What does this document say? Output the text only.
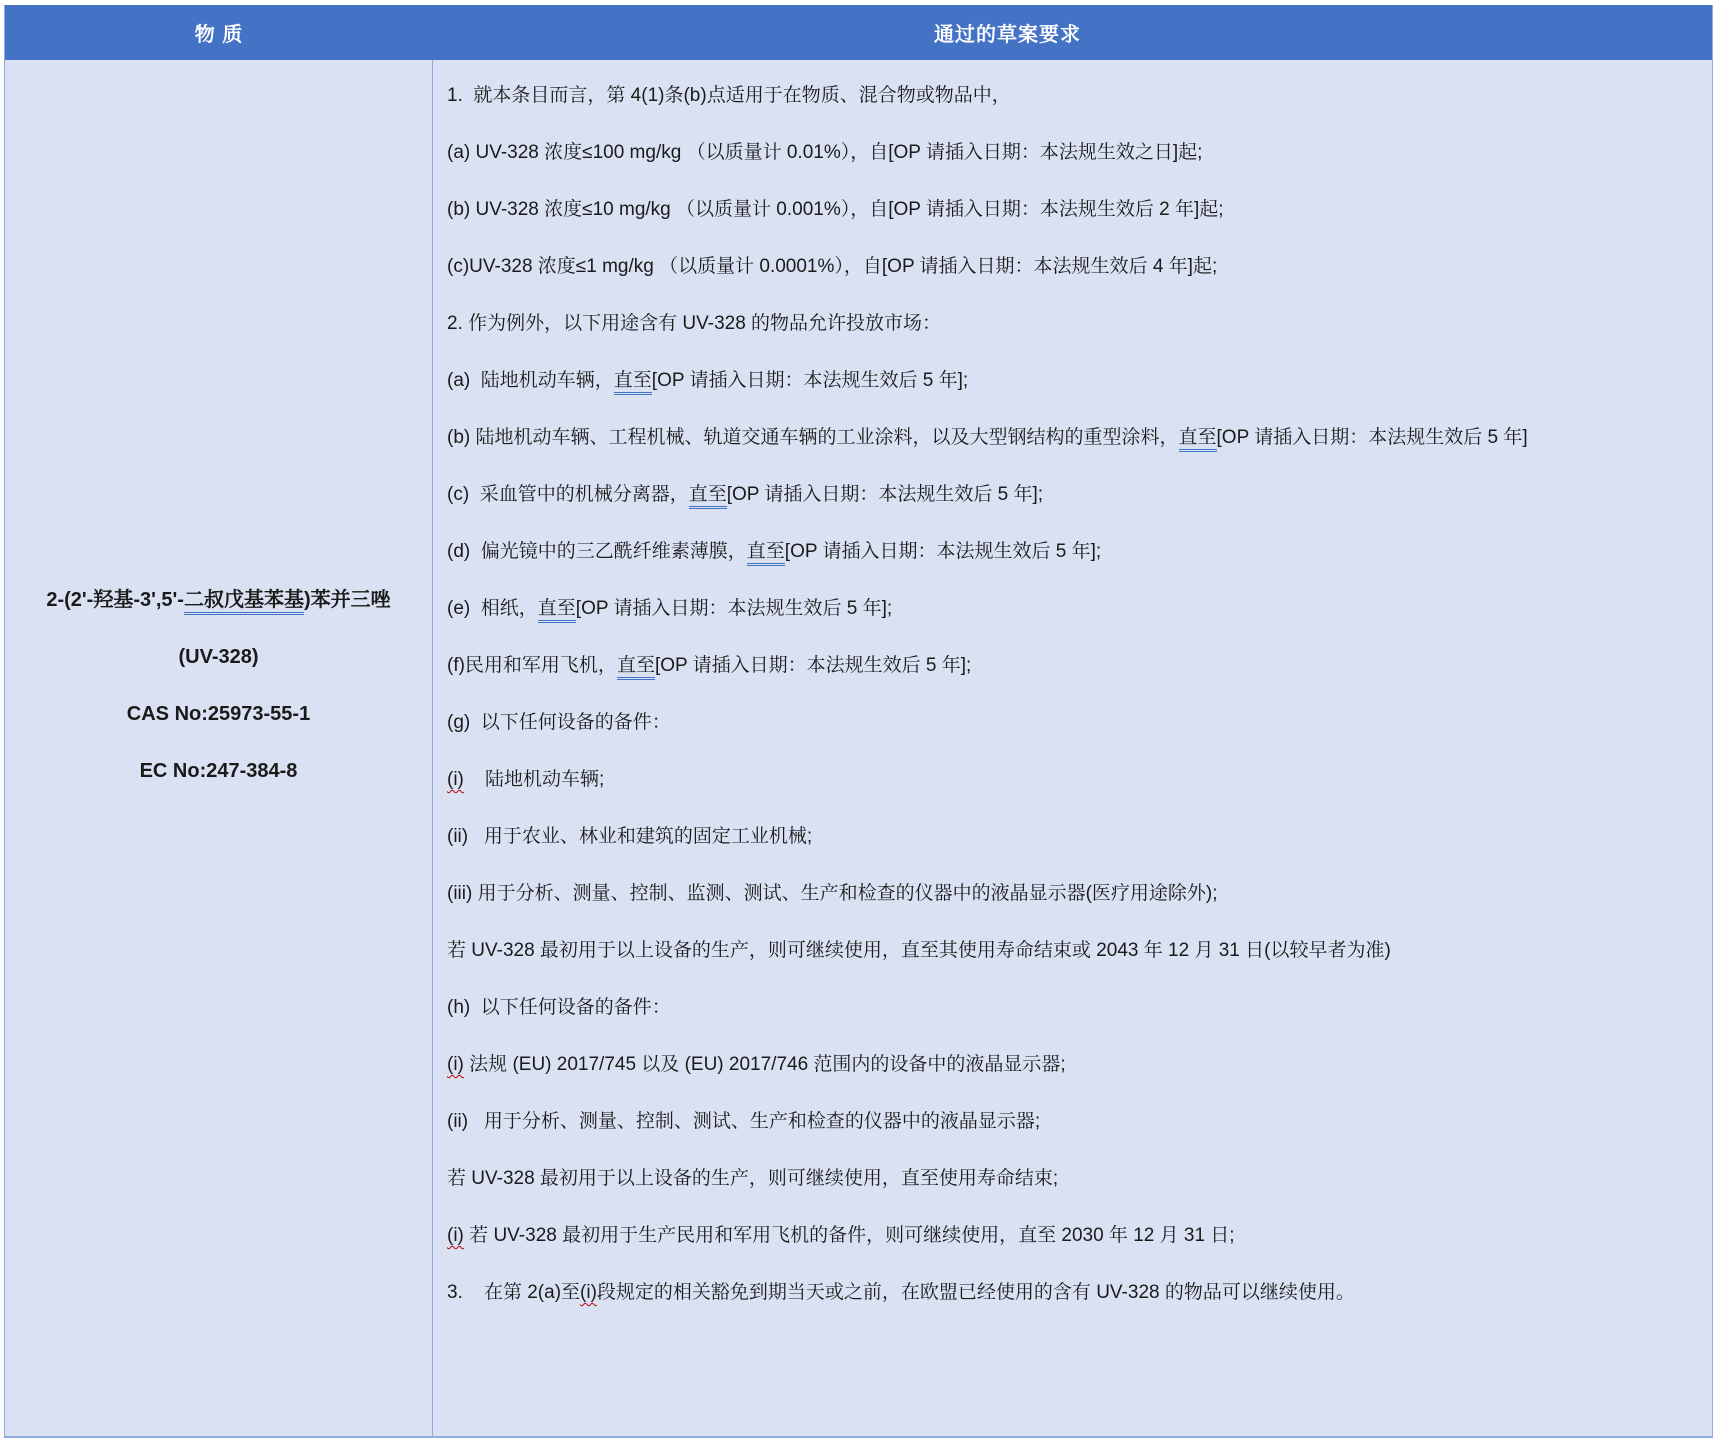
物 质	通过的草案要求

2-(2'-羟基-3',5'-二叔戊基苯基)苯并三唑

(UV-328)

CAS No:25973-55-1

EC No:247-384-8

1.  就本条目而言，第 4(1)条(b)点适用于在物质、混合物或物品中，

(a) UV-328 浓度≤100 mg/kg （以质量计 0.01%），自[OP 请插入日期：本法规生效之日]起;

(b) UV-328 浓度≤10 mg/kg （以质量计 0.001%），自[OP 请插入日期：本法规生效后 2 年]起;

(c)UV-328 浓度≤1 mg/kg （以质量计 0.0001%），自[OP 请插入日期：本法规生效后 4 年]起;

2. 作为例外，以下用途含有 UV-328 的物品允许投放市场：

(a)  陆地机动车辆，直至[OP 请插入日期：本法规生效后 5 年];

(b) 陆地机动车辆、工程机械、轨道交通车辆的工业涂料，以及大型钢结构的重型涂料，直至[OP 请插入日期：本法规生效后 5 年]

(c)  采血管中的机械分离器，直至[OP 请插入日期：本法规生效后 5 年];

(d)  偏光镜中的三乙酰纤维素薄膜，直至[OP 请插入日期：本法规生效后 5 年];

(e)  相纸，直至[OP 请插入日期：本法规生效后 5 年];

(f)民用和军用飞机，直至[OP 请插入日期：本法规生效后 5 年];

(g)  以下任何设备的备件：

(i)    陆地机动车辆;

(ii)   用于农业、林业和建筑的固定工业机械;

(iii) 用于分析、测量、控制、监测、测试、生产和检查的仪器中的液晶显示器(医疗用途除外);

若 UV-328 最初用于以上设备的生产，则可继续使用，直至其使用寿命结束或 2043 年 12 月 31 日(以较早者为准)

(h)  以下任何设备的备件：

(i) 法规 (EU) 2017/745 以及 (EU) 2017/746 范围内的设备中的液晶显示器;

(ii)   用于分析、测量、控制、测试、生产和检查的仪器中的液晶显示器;

若 UV-328 最初用于以上设备的生产，则可继续使用，直至使用寿命结束;

(i) 若 UV-328 最初用于生产民用和军用飞机的备件，则可继续使用，直至 2030 年 12 月 31 日;

3.    在第 2(a)至(i)段规定的相关豁免到期当天或之前，在欧盟已经使用的含有 UV-328 的物品可以继续使用。
